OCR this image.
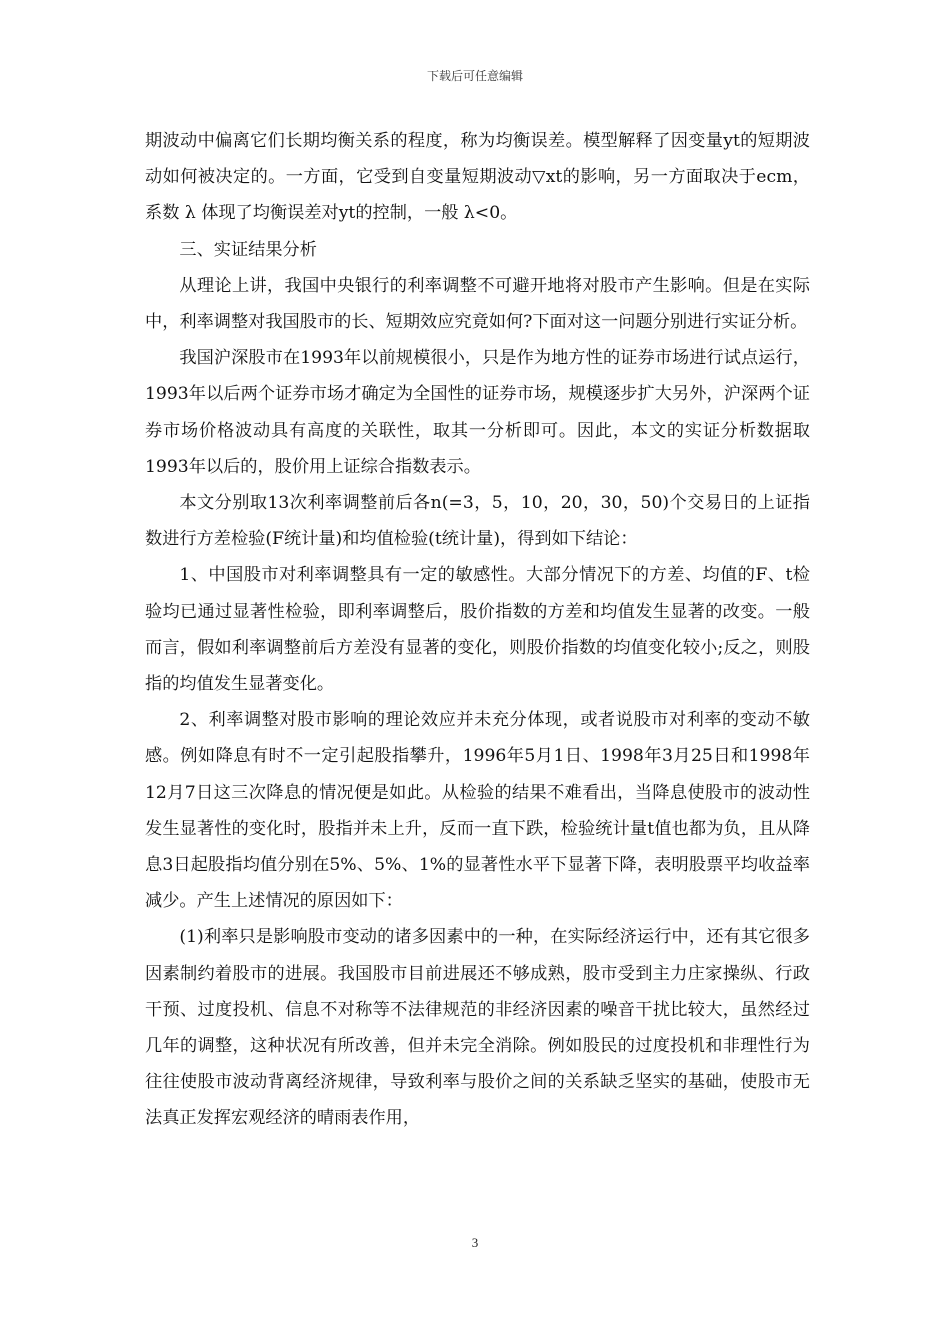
下载后可任意编辑

期波动中偏离它们长期均衡关系的程度，称为均衡误差。模型解释了因变量yt的短期波动如何被决定的。一方面，它受到自变量短期波动▽xt的影响，另一方面取决于ecm，系数 λ 体现了均衡误差对yt的控制，一般 λ<0。

三、实证结果分析

从理论上讲，我国中央银行的利率调整不可避开地将对股市产生影响。但是在实际中，利率调整对我国股市的长、短期效应究竟如何?下面对这一问题分别进行实证分析。

我国沪深股市在1993年以前规模很小，只是作为地方性的证券市场进行试点运行，1993年以后两个证券市场才确定为全国性的证券市场，规模逐步扩大另外，沪深两个证券市场价格波动具有高度的关联性，取其一分析即可。因此，本文的实证分析数据取1993年以后的，股价用上证综合指数表示。

本文分别取13次利率调整前后各n(=3，5，10，20，30，50)个交易日的上证指数进行方差检验(F统计量)和均值检验(t统计量)，得到如下结论：

1、中国股市对利率调整具有一定的敏感性。大部分情况下的方差、均值的F、t检验均已通过显著性检验，即利率调整后，股价指数的方差和均值发生显著的改变。一般而言，假如利率调整前后方差没有显著的变化，则股价指数的均值变化较小;反之，则股指的均值发生显著变化。

2、利率调整对股市影响的理论效应并未充分体现，或者说股市对利率的变动不敏感。例如降息有时不一定引起股指攀升，1996年5月1日、1998年3月25日和1998年12月7日这三次降息的情况便是如此。从检验的结果不难看出，当降息使股市的波动性发生显著性的变化时，股指并未上升，反而一直下跌，检验统计量t值也都为负，且从降息3日起股指均值分别在5%、5%、1%的显著性水平下显著下降，表明股票平均收益率减少。产生上述情况的原因如下：

(1)利率只是影响股市变动的诸多因素中的一种，在实际经济运行中，还有其它很多因素制约着股市的进展。我国股市目前进展还不够成熟，股市受到主力庄家操纵、行政干预、过度投机、信息不对称等不法律规范的非经济因素的噪音干扰比较大，虽然经过几年的调整，这种状况有所改善，但并未完全消除。例如股民的过度投机和非理性行为往往使股市波动背离经济规律，导致利率与股价之间的关系缺乏坚实的基础，使股市无法真正发挥宏观经济的晴雨表作用，

3
